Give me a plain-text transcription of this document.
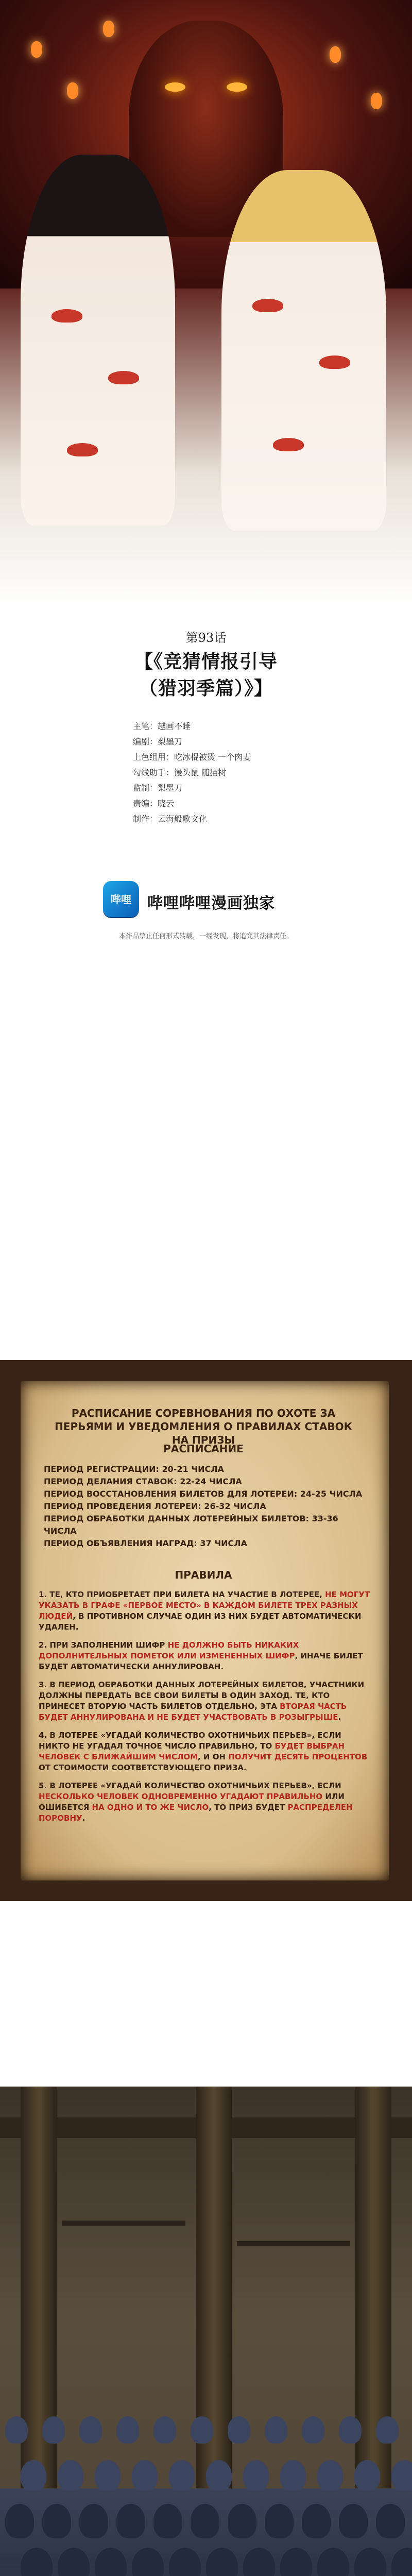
第93话
【《竞猜情报引导
（猎羽季篇）》】
主笔：越画不睡
编剧：梨墨刀
上色组用：吃冰棍被烫 一个肉妻
勾线助手：馒头鼠 随猫树
监制：梨墨刀
责编：晓云
制作：云海般歌文化
哔哩	哔哩哔哩漫画独家
本作品禁止任何形式转载，一经发现，将追究其法律责任。
РАСПИСАНИЕ СОРЕВНОВАНИЯ ПО ОХОТЕ ЗА ПЕРЬЯМИ И УВЕДОМЛЕНИЯ О ПРАВИЛАХ СТАВОК НА ПРИЗЫ
РАСПИСАНИЕ
ПЕРИОД РЕГИСТРАЦИИ: 20-21 ЧИСЛА
ПЕРИОД ДЕЛАНИЯ СТАВОК: 22-24 ЧИСЛА
ПЕРИОД ВОССТАНОВЛЕНИЯ БИЛЕТОВ ДЛЯ ЛОТЕРЕИ: 24-25 ЧИСЛА
ПЕРИОД ПРОВЕДЕНИЯ ЛОТЕРЕИ: 26-32 ЧИСЛА
ПЕРИОД ОБРАБОТКИ ДАННЫХ ЛОТЕРЕЙНЫХ БИЛЕТОВ: 33-36 ЧИСЛА
ПЕРИОД ОБЪЯВЛЕНИЯ НАГРАД: 37 ЧИСЛА
ПРАВИЛА
1. ТЕ, КТО ПРИОБРЕТАЕТ ПРИ БИЛЕТА НА УЧАСТИЕ В ЛОТЕРЕЕ, НЕ МОГУТ УКАЗАТЬ В ГРАФЕ «ПЕРВОЕ МЕСТО» В КАЖДОМ БИЛЕТЕ ТРЕХ РАЗНЫХ ЛЮДЕЙ, В ПРОТИВНОМ СЛУЧАЕ ОДИН ИЗ НИХ БУДЕТ АВТОМАТИЧЕСКИ УДАЛЕН.
2. ПРИ ЗАПОЛНЕНИИ ШИФР НЕ ДОЛЖНО БЫТЬ НИКАКИХ ДОПОЛНИТЕЛЬНЫХ ПОМЕТОК ИЛИ ИЗМЕНЕННЫХ ШИФР, ИНАЧЕ БИЛЕТ БУДЕТ АВТОМАТИЧЕСКИ АННУЛИРОВАН.
3. В ПЕРИОД ОБРАБОТКИ ДАННЫХ ЛОТЕРЕЙНЫХ БИЛЕТОВ, УЧАСТНИКИ ДОЛЖНЫ ПЕРЕДАТЬ ВСЕ СВОИ БИЛЕТЫ В ОДИН ЗАХОД. ТЕ, КТО ПРИНЕСЕТ ВТОРУЮ ЧАСТЬ БИЛЕТОВ ОТДЕЛЬНО, ЭТА ВТОРАЯ ЧАСТЬ БУДЕТ АННУЛИРОВАНА И НЕ БУДЕТ УЧАСТВОВАТЬ В РОЗЫГРЫШЕ.
4. В ЛОТЕРЕЕ «УГАДАЙ КОЛИЧЕСТВО ОХОТНИЧЬИХ ПЕРЬЕВ», ЕСЛИ НИКТО НЕ УГАДАЛ ТОЧНОЕ ЧИСЛО ПРАВИЛЬНО, ТО БУДЕТ ВЫБРАН ЧЕЛОВЕК С БЛИЖАЙШИМ ЧИСЛОМ, И ОН ПОЛУЧИТ ДЕСЯТЬ ПРОЦЕНТОВ ОТ СТОИМОСТИ СООТВЕТСТВУЮЩЕГО ПРИЗА.
5. В ЛОТЕРЕЕ «УГАДАЙ КОЛИЧЕСТВО ОХОТНИЧЬИХ ПЕРЬЕВ», ЕСЛИ НЕСКОЛЬКО ЧЕЛОВЕК ОДНОВРЕМЕННО УГАДАЮТ ПРАВИЛЬНО ИЛИ ОШИБЕТСЯ НА ОДНО И ТО ЖЕ ЧИСЛО, ТО ПРИЗ БУДЕТ РАСПРЕДЕЛЕН ПОРОВНУ.
